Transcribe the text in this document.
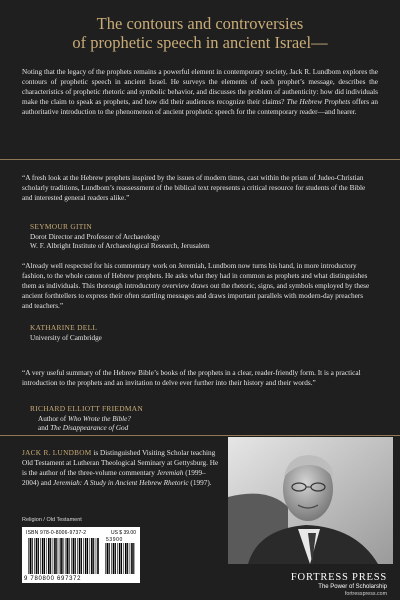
The contours and controversies
of prophetic speech in ancient Israel—
Noting that the legacy of the prophets remains a powerful element in contemporary society, Jack R. Lundbom explores the contours of prophetic speech in ancient Israel. He surveys the elements of each prophet’s message, describes the characteristics of prophetic rhetoric and symbolic behavior, and discusses the problem of authenticity: how did individuals make the claim to speak as prophets, and how did their audiences recognize their claims? The Hebrew Prophets offers an authoritative introduction to the phenomenon of ancient prophetic speech for the contemporary reader—and hearer.
“A fresh look at the Hebrew prophets inspired by the issues of modern times, cast within the prism of Judeo-Christian scholarly traditions, Lundbom’s reassessment of the biblical text represents a critical resource for students of the Bible and interested general readers alike.”
SEYMOUR GITIN
Dorot Director and Professor of Archaeology
W. F. Albright Institute of Archaeological Research, Jerusalem
“Already well respected for his commentary work on Jeremiah, Lundbom now turns his hand, in more introductory fashion, to the whole canon of Hebrew prophets. He asks what they had in common as prophets and what distinguishes them as individuals. This thorough introductory overview draws out the rhetoric, signs, and symbols employed by these ancient forthtellers to express their often startling messages and draws important parallels with modern-day preachers and teachers.”
KATHARINE DELL
University of Cambridge
“A very useful summary of the Hebrew Bible’s books of the prophets in a clear, reader-friendly form. It is a practical introduction to the prophets and an invitation to delve ever further into their history and their words.”
RICHARD ELLIOTT FRIEDMAN
Author of Who Wrote the Bible?
and The Disappearance of God
JACK R. LUNDBOM is Distinguished Visiting Scholar teaching Old Testament at Lutheran Theological Seminary at Gettysburg. He is the author of the three-volume commentary Jeremiah (1999–2004) and Jeremiah: A Study in Ancient Hebrew Rhetoric (1997).
Religion / Old Testament
ISBN 978-0-8006-9737-2	US $ 39.00
53900
9 780800 697372	FORTRESS PRESS
The Power of Scholarship
fortresspress.com
